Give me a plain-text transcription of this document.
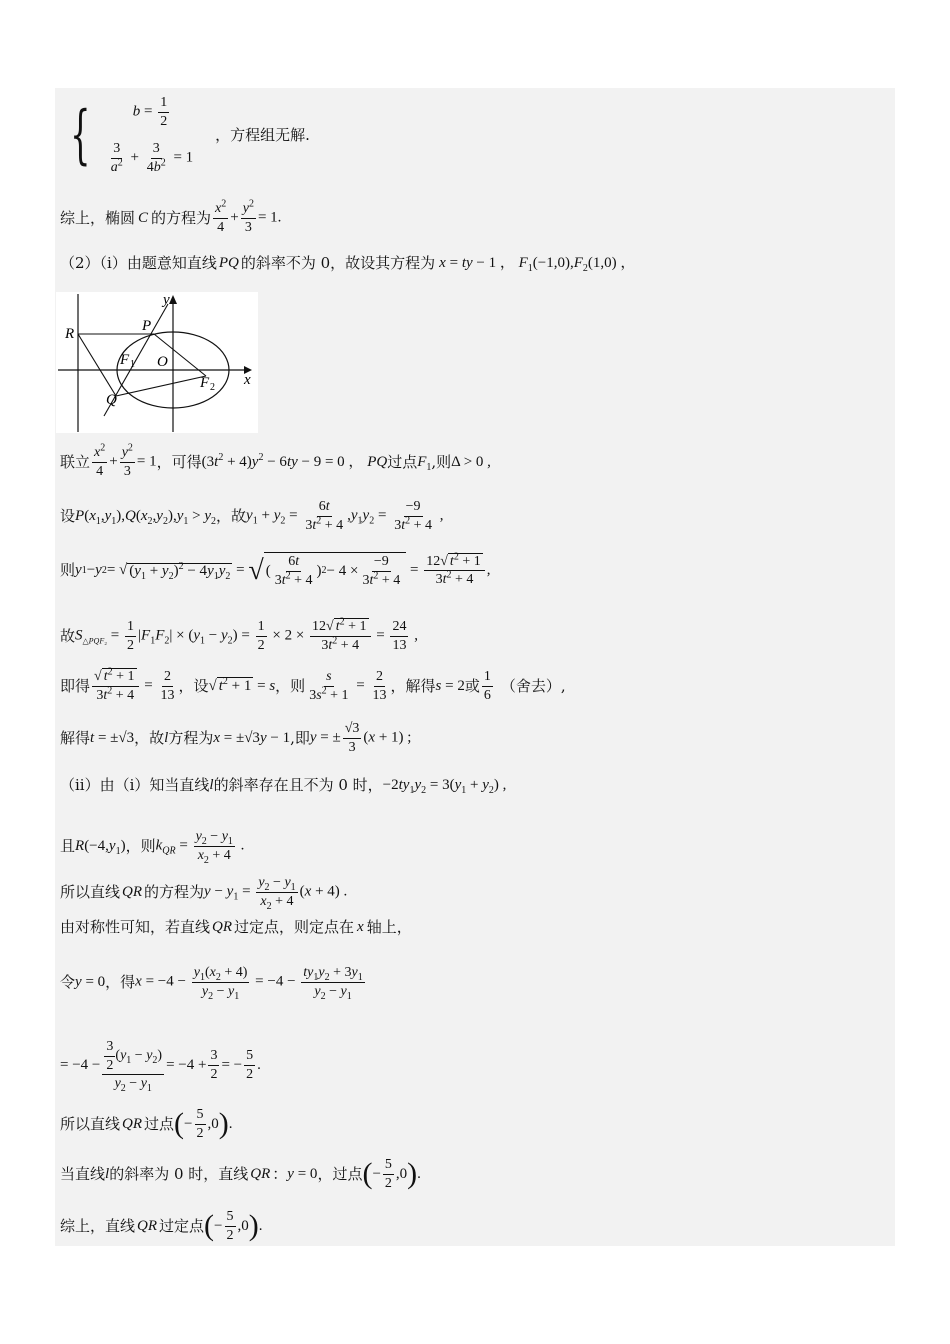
{	$b = \frac{1}{2}$
$\frac{3}{a^2} + \frac{3}{4b^2} = 1$
，方程组无解.
综上，椭圆 C 的方程为 $\frac{x^2}{4} + \frac{y^2}{3} = 1$.
（2）（i）由题意知直线 PQ 的斜率不为 0，故设其方程为 x = ty − 1 ， $F_1(-1,0),F_2(1,0)$ ，
y
x
R	P
F 1 O
F 2
Q
联立 $\frac{x^2}{4} + \frac{y^2}{3} = 1$ ，可得 $(3t^2 + 4)y^2 - 6ty - 9 = 0$ ， PQ 过点 $F_1$ ,则 Δ > 0 ,
设 $P(x_1,y_1),Q(x_2,y_2),y_1 > y_2$ ，故 $y_1 + y_2 = \frac{6t}{3t^2 + 4} ,y_1y_2 = \frac{-9}{3t^2 + 4}$ ,
则 y 1 − y 2 = √ $(y_1 + y_2)^2 - 4y_1y_2$ = √ (
6t
$3t^2 + 4$
) 2 − 4 ×
−9
$3t^2 + 4$
=
12√ $t^2 + 1$
$3t^2 + 4$
,
故 $S_{\triangle PQF_2} = \frac{1}{2} |F_1F_2| \times (y_1 - y_2) = \frac{1}{2} \times 2 \times \frac{12√ t^2 + 1}{3t^2 + 4} = \frac{24}{13}$ ,
即得 $\frac{√ t^2 + 1}{3t^2 + 4} = \frac{2}{13}$ ，设 √ $t^2 + 1 = s$ ，则 $\frac{s}{3s^2 + 1} = \frac{2}{13}$ ，解得 s = 2 或 $\frac{1}{6}$ （舍去）,
解得 t = ±√3 ，故 l 方程为 x = ±√3y − 1 ,即 y = ± $\frac{√3}{3} (x + 1)$ ;
（ii）由（i）知当直线 l 的斜率存在且不为 0 时， $-2ty_1y_2 = 3(y_1 + y_2)$ ,
且 $R(-4,y_1)$ ，则 $k_{QR} = \frac{y_2 - y_1}{x_2 + 4}$ .
所以直线 QR 的方程为 $y - y_1 = \frac{y_2 - y_1}{x_2 + 4} (x + 4)$ .
由对称性可知，若直线 QR 过定点，则定点在 x 轴上，
令 y = 0 ，得 $x = -4 - \frac{y_1(x_2 + 4)}{y_2 - y_1} = -4 - \frac{ty_1y_2 + 3y_1}{y_2 - y_1}$
= $-4 - \frac{3}{2} (y_1 - y_2)$
$y_2 - y_1$
= −4 +
3
2
= −
5
2
.
所以直线 QR 过点 ( −
5
2
,0 ) .
当直线 l 的斜率为 0 时，直线 QR ： y = 0 ，过点 ( −
5
2
,0 ) .
综上，直线 QR 过定点 ( −
5
2
,0 ) .
